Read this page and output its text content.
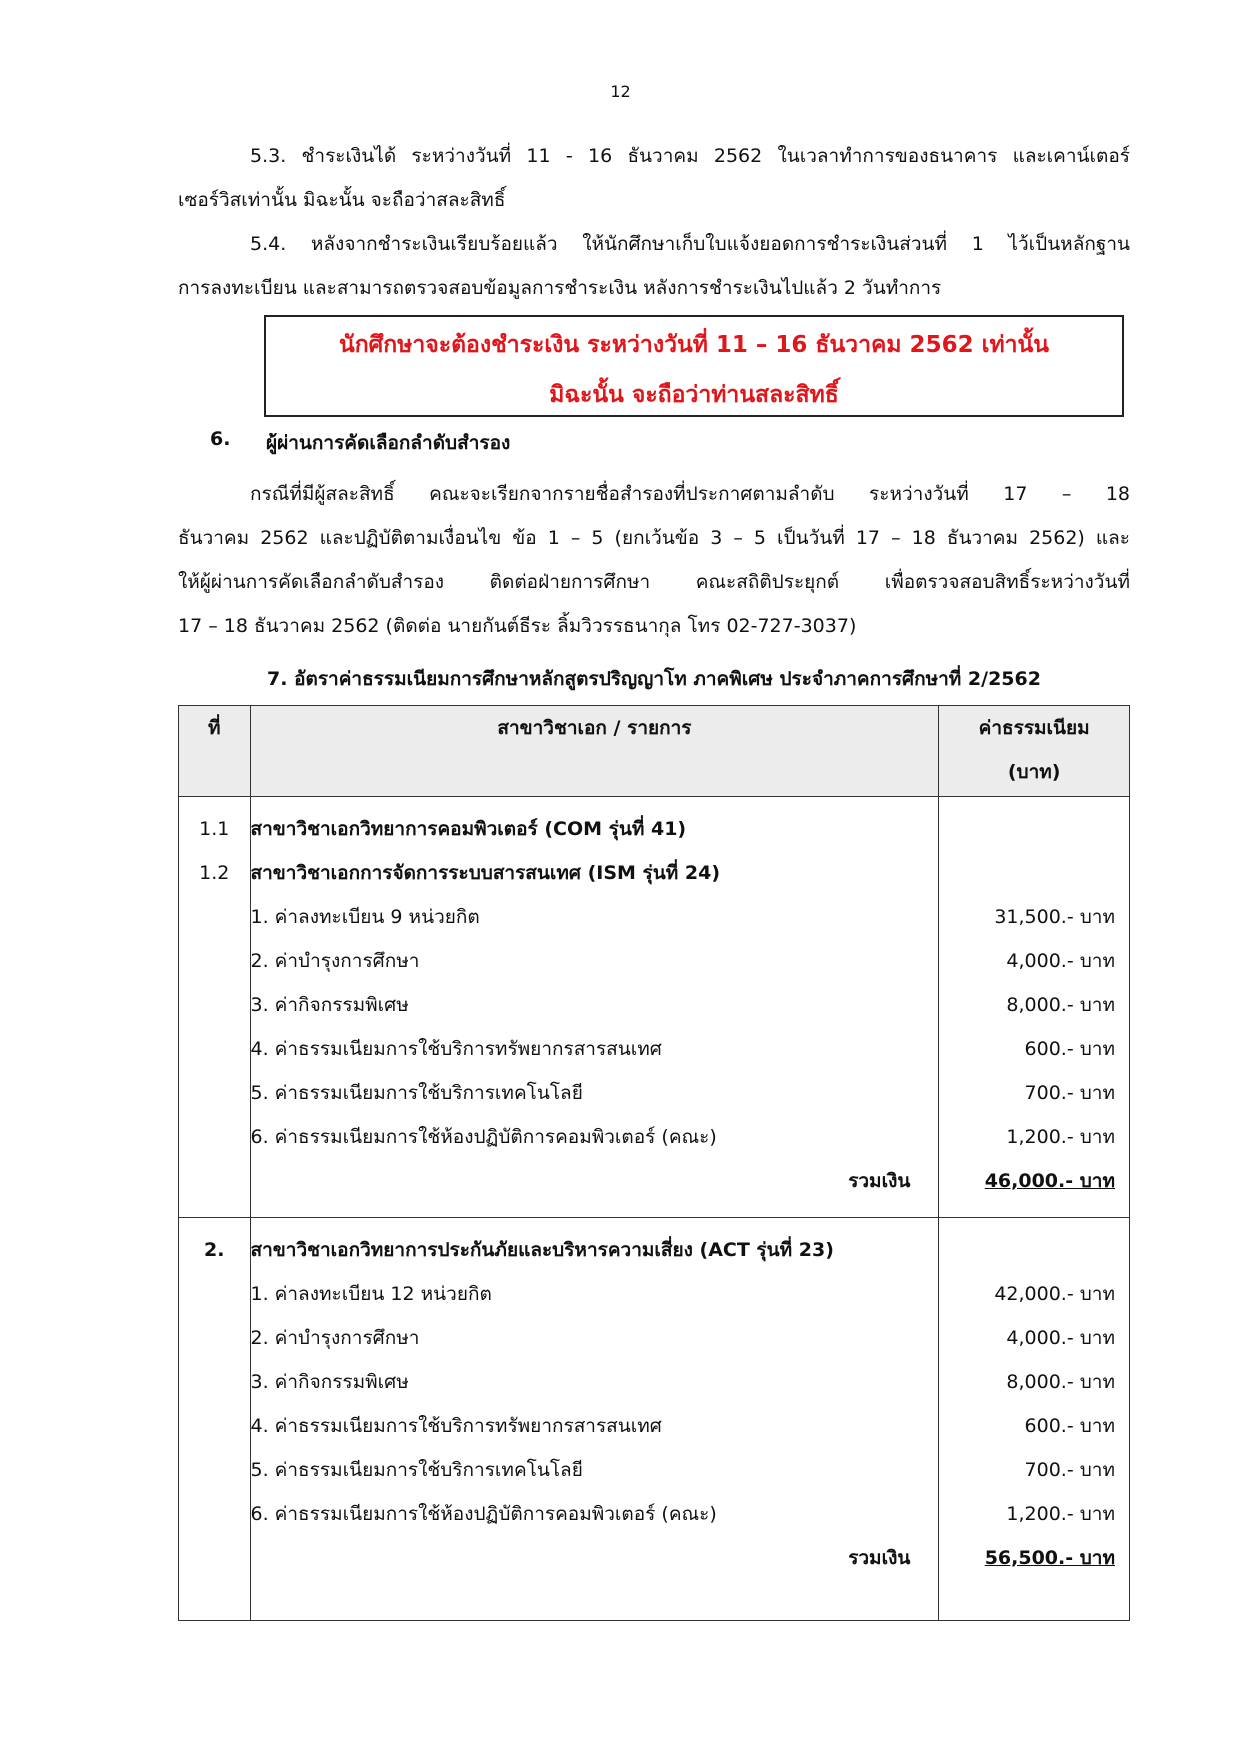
12
5.3. ชำระเงินได้ ระหว่างวันที่ 11 - 16 ธันวาคม 2562 ในเวลาทำการของธนาคาร และเคาน์เตอร์
เซอร์วิสเท่านั้น มิฉะนั้น จะถือว่าสละสิทธิ์
5.4. หลังจากชำระเงินเรียบร้อยแล้ว ให้นักศึกษาเก็บใบแจ้งยอดการชำระเงินส่วนที่ 1 ไว้เป็นหลักฐาน
การลงทะเบียน และสามารถตรวจสอบข้อมูลการชำระเงิน หลังการชำระเงินไปแล้ว 2 วันทำการ
นักศึกษาจะต้องชำระเงิน ระหว่างวันที่ 11 – 16 ธันวาคม 2562 เท่านั้น
มิฉะนั้น จะถือว่าท่านสละสิทธิ์
6. ผู้ผ่านการคัดเลือกลำดับสำรอง
กรณีที่มีผู้สละสิทธิ์ คณะจะเรียกจากรายชื่อสำรองที่ประกาศตามลำดับ ระหว่างวันที่ 17 – 18
ธันวาคม 2562 และปฏิบัติตามเงื่อนไข ข้อ 1 – 5 (ยกเว้นข้อ 3 – 5 เป็นวันที่ 17 – 18 ธันวาคม 2562) และ
ให้ผู้ผ่านการคัดเลือกลำดับสำรอง ติดต่อฝ่ายการศึกษา คณะสถิติประยุกต์ เพื่อตรวจสอบสิทธิ์ระหว่างวันที่
17 – 18 ธันวาคม 2562 (ติดต่อ นายกันต์ธีระ ลิ้มวิวรรธนากุล โทร 02-727-3037)
7. อัตราค่าธรรมเนียมการศึกษาหลักสูตรปริญญาโท ภาคพิเศษ ประจำภาคการศึกษาที่ 2/2562
ที่	สาขาวิชาเอก / รายการ	ค่าธรรมเนียม
(บาท)

1.1	สาขาวิชาเอกวิทยาการคอมพิวเตอร์ (COM รุ่นที่ 41)	
1.2	สาขาวิชาเอกการจัดการระบบสารสนเทศ (ISM รุ่นที่ 24)	
	1. ค่าลงทะเบียน 9 หน่วยกิต	31,500.- บาท
	2. ค่าบำรุงการศึกษา	4,000.- บาท
	3. ค่ากิจกรรมพิเศษ	8,000.- บาท
	4. ค่าธรรมเนียมการใช้บริการทรัพยากรสารสนเทศ	600.- บาท
	5. ค่าธรรมเนียมการใช้บริการเทคโนโลยี	700.- บาท
	6. ค่าธรรมเนียมการใช้ห้องปฏิบัติการคอมพิวเตอร์ (คณะ)	1,200.- บาท
	รวมเงิน	46,000.- บาท

2.	สาขาวิชาเอกวิทยาการประกันภัยและบริหารความเสี่ยง (ACT รุ่นที่ 23)	
	1. ค่าลงทะเบียน 12 หน่วยกิต	42,000.- บาท
	2. ค่าบำรุงการศึกษา	4,000.- บาท
	3. ค่ากิจกรรมพิเศษ	8,000.- บาท
	4. ค่าธรรมเนียมการใช้บริการทรัพยากรสารสนเทศ	600.- บาท
	5. ค่าธรรมเนียมการใช้บริการเทคโนโลยี	700.- บาท
	6. ค่าธรรมเนียมการใช้ห้องปฏิบัติการคอมพิวเตอร์ (คณะ)	1,200.- บาท
	รวมเงิน	56,500.- บาท
